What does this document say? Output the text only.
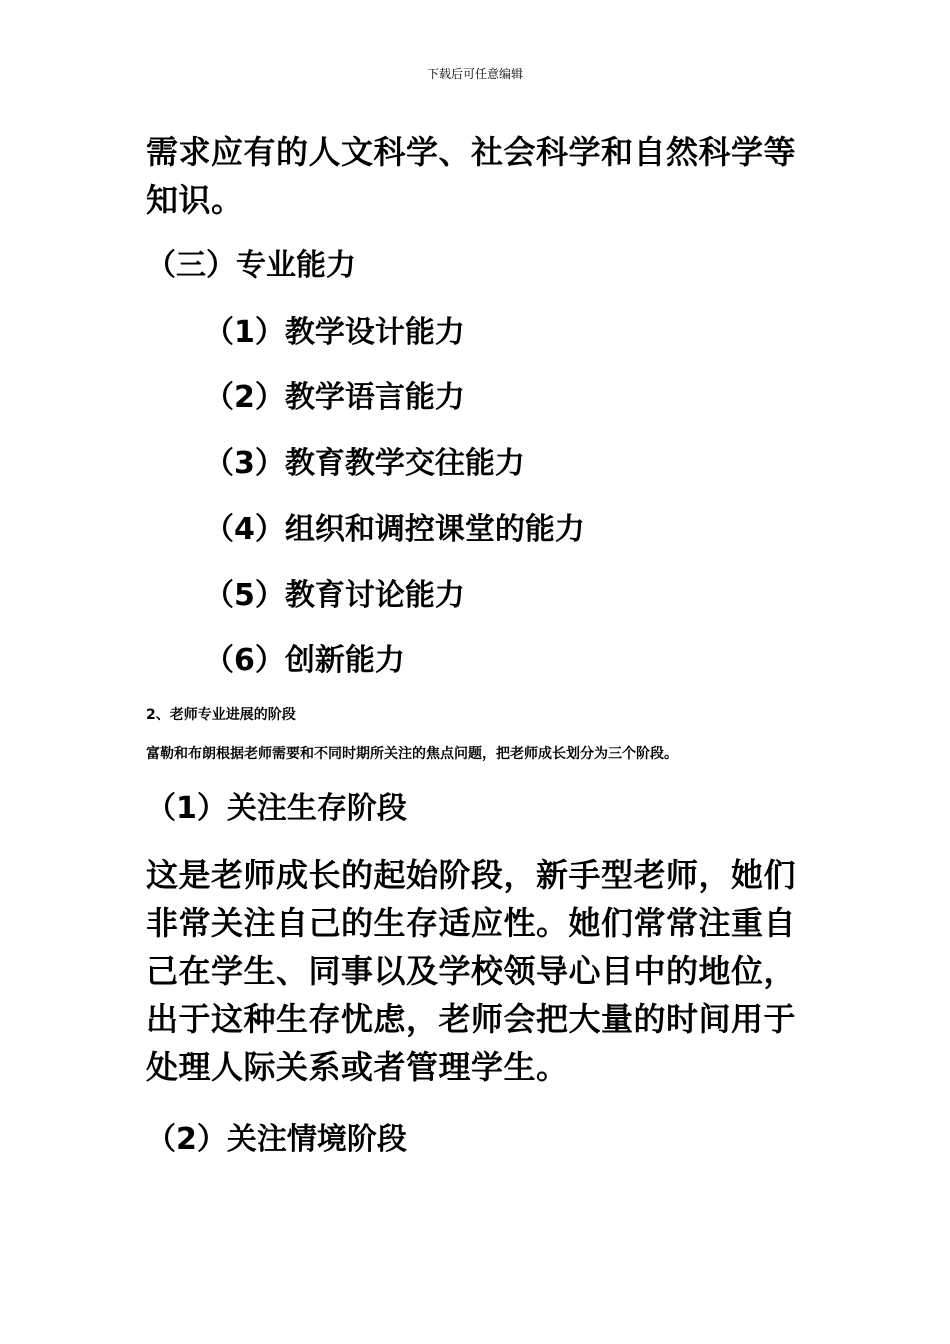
下载后可任意编辑

需求应有的人文科学、社会科学和自然科学等知识。

（三）专业能力

（1）教学设计能力

（2）教学语言能力

（3）教育教学交往能力

（4）组织和调控课堂的能力

（5）教育讨论能力

（6）创新能力

2、老师专业进展的阶段

富勒和布朗根据老师需要和不同时期所关注的焦点问题，把老师成长划分为三个阶段。

（1）关注生存阶段

这是老师成长的起始阶段，新手型老师，她们非常关注自己的生存适应性。她们常常注重自己在学生、同事以及学校领导心目中的地位，出于这种生存忧虑，老师会把大量的时间用于处理人际关系或者管理学生。

（2）关注情境阶段
